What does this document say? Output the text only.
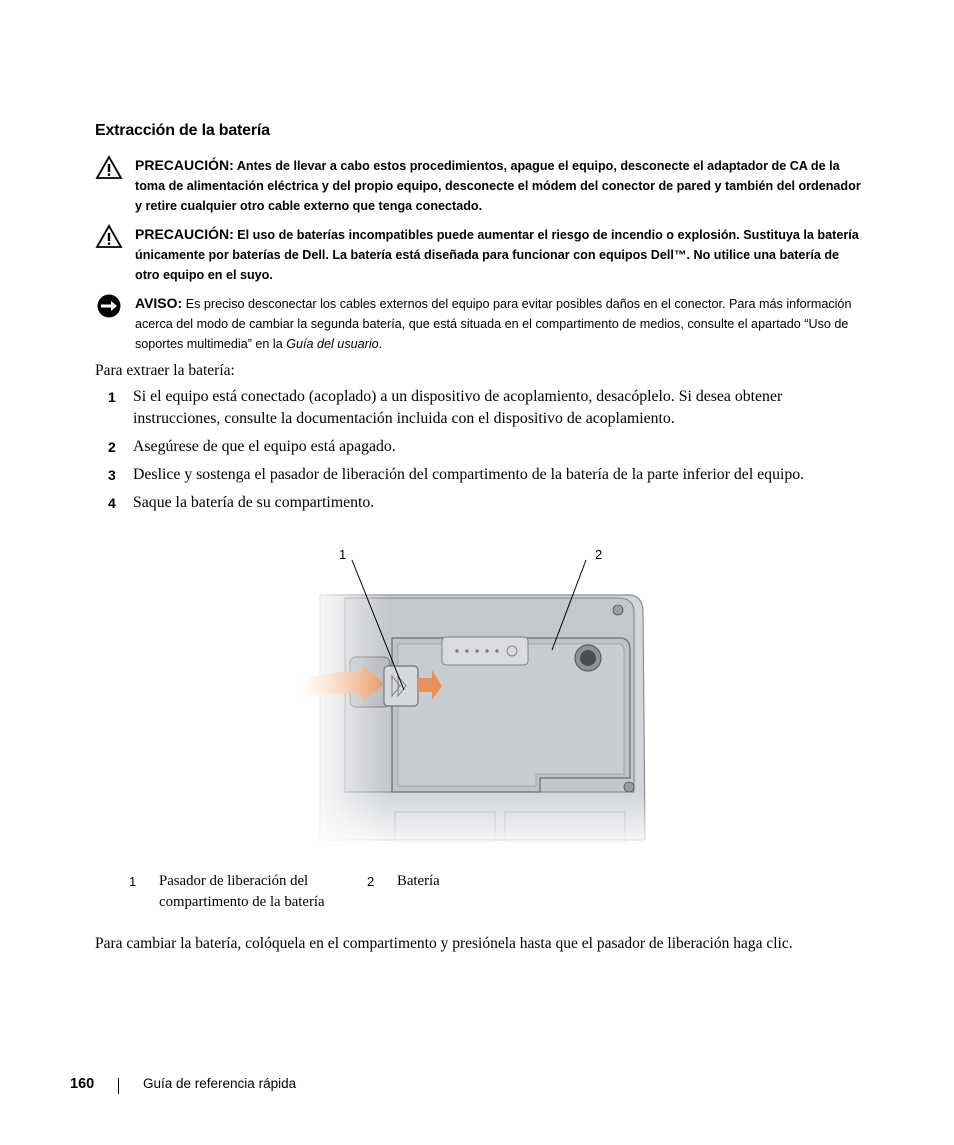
Extracción de la batería
PRECAUCIÓN: Antes de llevar a cabo estos procedimientos, apague el equipo, desconecte el adaptador de CA de la toma de alimentación eléctrica y del propio equipo, desconecte el módem del conector de pared y también del ordenador y retire cualquier otro cable externo que tenga conectado.
PRECAUCIÓN: El uso de baterías incompatibles puede aumentar el riesgo de incendio o explosión. Sustituya la batería únicamente por baterías de Dell. La batería está diseñada para funcionar con equipos Dell™. No utilice una batería de otro equipo en el suyo.
AVISO: Es preciso desconectar los cables externos del equipo para evitar posibles daños en el conector. Para más información acerca del modo de cambiar la segunda batería, que está situada en el compartimento de medios, consulte el apartado “Uso de soportes multimedia” en la Guía del usuario.

Para extraer la batería:

1 Si el equipo está conectado (acoplado) a un dispositivo de acoplamiento, desacóplelo. Si desea obtener instrucciones, consulte la documentación incluida con el dispositivo de acoplamiento.
2 Asegúrese de que el equipo está apagado.
3 Deslice y sostenga el pasador de liberación del compartimento de la batería de la parte inferior del equipo.
4 Saque la batería de su compartimento.
1	2
1 Pasador de liberación del
compartimento de la batería
2 Batería

Para cambiar la batería, colóquela en el compartimento y presiónela hasta que el pasador de liberación haga clic.

160	Guía de referencia rápida
